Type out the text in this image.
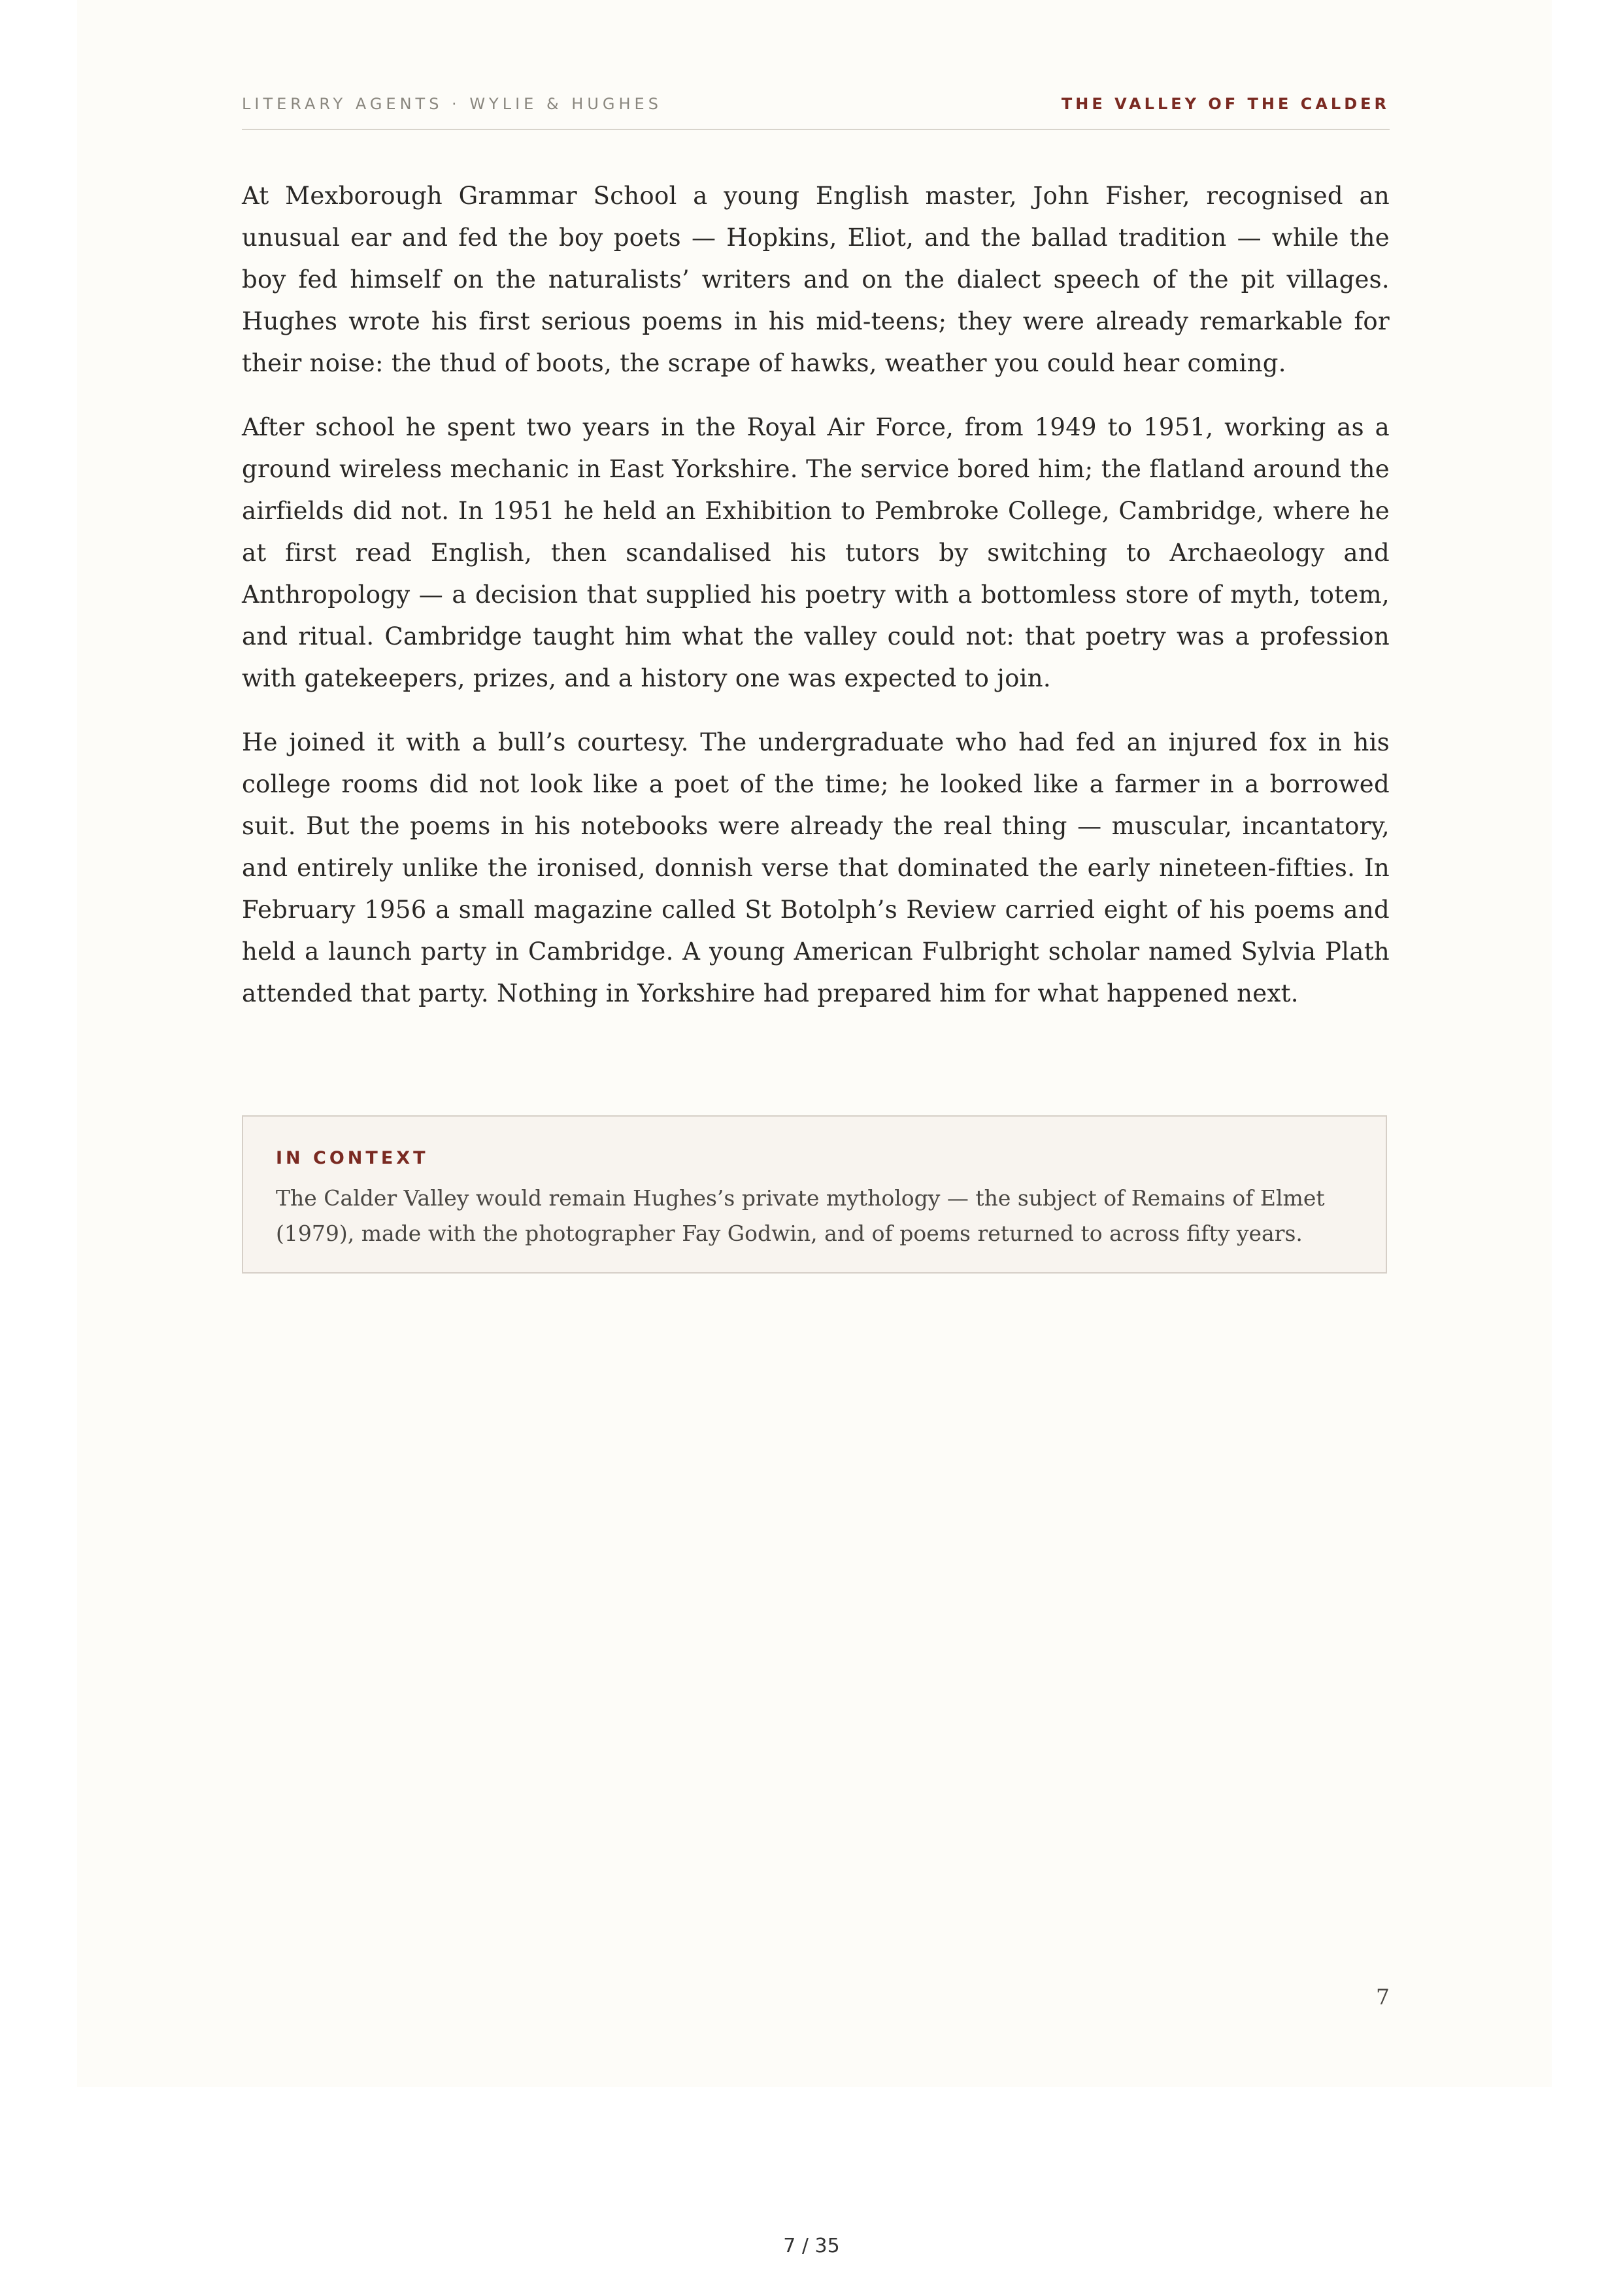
LITERARY AGENTS · WYLIE & HUGHES	THE VALLEY OF THE CALDER

At Mexborough Grammar School a young English master, John Fisher, recognised an unusual ear and fed the boy poets — Hopkins, Eliot, and the ballad tradition — while the boy fed himself on the naturalists’ writers and on the dialect speech of the pit villages. Hughes wrote his first serious poems in his mid-teens; they were already remarkable for their noise: the thud of boots, the scrape of hawks, weather you could hear coming.

After school he spent two years in the Royal Air Force, from 1949 to 1951, working as a ground wireless mechanic in East Yorkshire. The service bored him; the flatland around the airfields did not. In 1951 he held an Exhibition to Pembroke College, Cambridge, where he at first read English, then scandalised his tutors by switching to Archaeology and Anthropology — a decision that supplied his poetry with a bottomless store of myth, totem, and ritual. Cambridge taught him what the valley could not: that poetry was a profession with gatekeepers, prizes, and a history one was expected to join.

He joined it with a bull’s courtesy. The undergraduate who had fed an injured fox in his college rooms did not look like a poet of the time; he looked like a farmer in a borrowed suit. But the poems in his notebooks were already the real thing — muscular, incantatory, and entirely unlike the ironised, donnish verse that dominated the early nineteen-fifties. In February 1956 a small magazine called St Botolph’s Review carried eight of his poems and held a launch party in Cambridge. A young American Fulbright scholar named Sylvia Plath attended that party. Nothing in Yorkshire had prepared him for what happened next.

IN CONTEXT

The Calder Valley would remain Hughes’s private mythology — the subject of Remains of Elmet (1979), made with the photographer Fay Godwin, and of poems returned to across fifty years.

7
7 / 35
